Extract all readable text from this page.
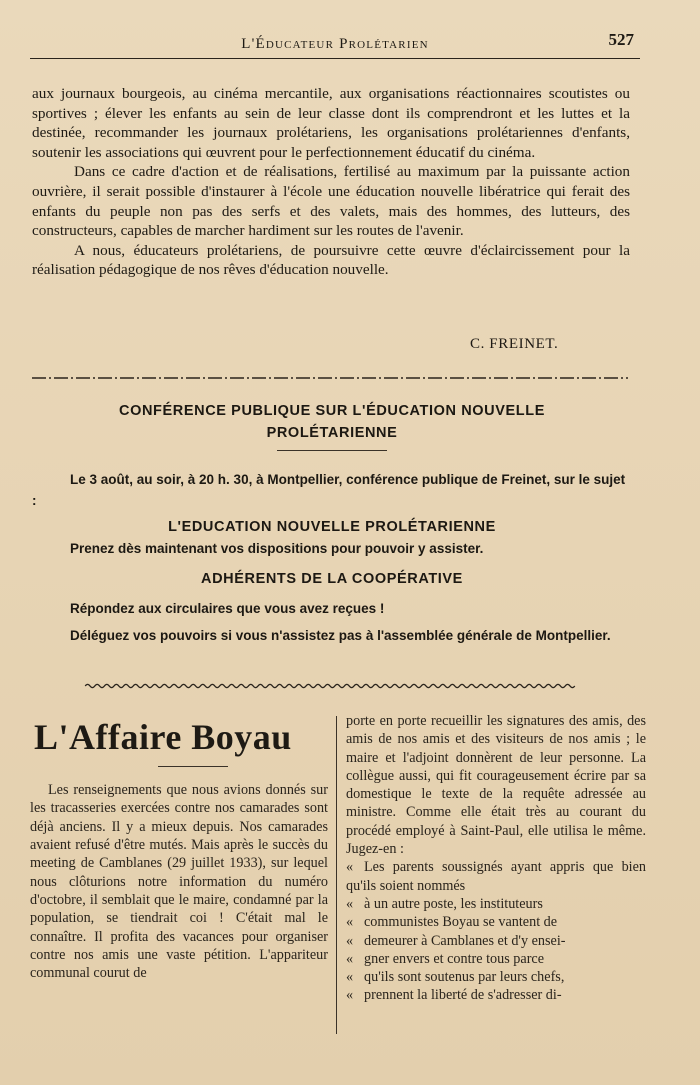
L'Éducateur Prolétarien	527

aux journaux bourgeois, au cinéma mercantile, aux organisations réactionnaires scoutistes ou sportives ; élever les enfants au sein de leur classe dont ils comprendront et les luttes et la destinée, recommander les journaux prolétariens, les organisations prolétariennes d'enfants, soutenir les associations qui œuvrent pour le perfectionnement éducatif du cinéma.

Dans ce cadre d'action et de réalisations, fertilisé au maximum par la puissante action ouvrière, il serait possible d'instaurer à l'école une éducation nouvelle libératrice qui ferait des enfants du peuple non pas des serfs et des valets, mais des hommes, des lutteurs, des constructeurs, capables de marcher hardiment sur les routes de l'avenir.

A nous, éducateurs prolétariens, de poursuivre cette œuvre d'éclaircissement pour la réalisation pédagogique de nos rêves d'éducation nouvelle.

C. FREINET.
CONFÉRENCE PUBLIQUE SUR L'ÉDUCATION NOUVELLE
PROLÉTARIENNE

Le 3 août, au soir, à 20 h. 30, à Montpellier, conférence publique de Freinet, sur le sujet :

L'EDUCATION NOUVELLE PROLÉTARIENNE

Prenez dès maintenant vos dispositions pour pouvoir y assister.

ADHÉRENTS DE LA COOPÉRATIVE

Répondez aux circulaires que vous avez reçues !

Déléguez vos pouvoirs si vous n'assistez pas à l'assemblée générale de Montpellier.

L'Affaire Boyau

Les renseignements que nous avions donnés sur les tracasseries exercées contre nos camarades sont déjà anciens. Il y a mieux depuis. Nos camarades avaient refusé d'être mutés. Mais après le succès du meeting de Camblanes (29 juillet 1933), sur lequel nous clôturions notre information du numéro d'octobre, il semblait que le maire, condamné par la population, se tiendrait coi ! C'était mal le connaître. Il profita des vacances pour organiser contre nos amis une vaste pétition. L'appariteur communal courut de

porte en porte recueillir les signatures des amis, des amis de nos amis et des visiteurs de nos amis ; le maire et l'adjoint donnèrent de leur personne. La collègue aussi, qui fit courageusement écrire par sa domestique le texte de la requête adressée au ministre. Comme elle était très au courant du procédé employé à Saint-Paul, elle utilisa le même. Jugez-en :

« Les parents soussignés ayant appris que bien qu'ils soient nommés
« à un autre poste, les instituteurs
« communistes Boyau se vantent de
« demeurer à Camblanes et d'y ensei-
« gner envers et contre tous parce
« qu'ils sont soutenus par leurs chefs,
« prennent la liberté de s'adresser di-
